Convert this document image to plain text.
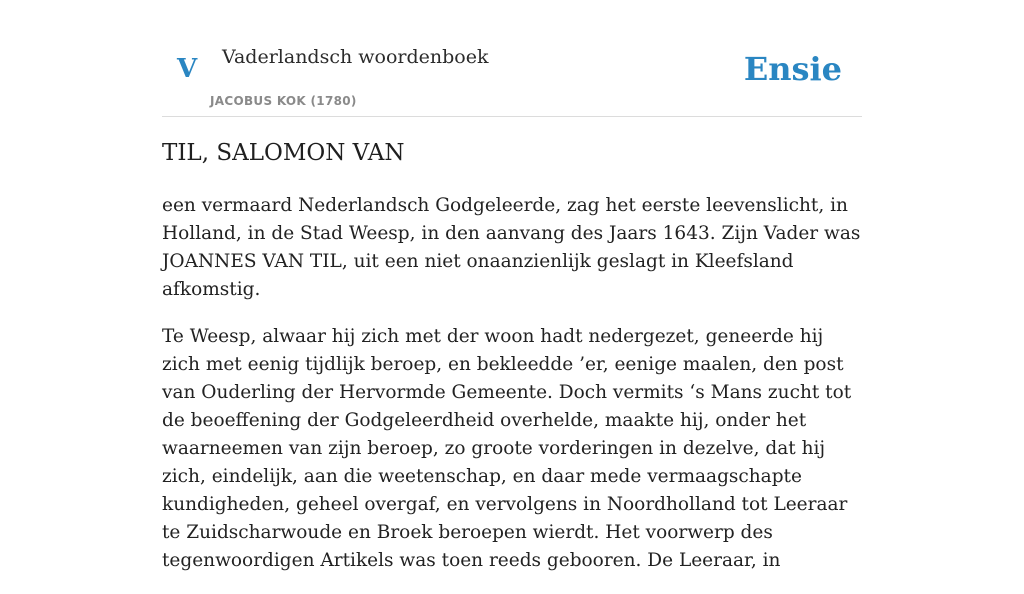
V Vaderlandsch woordenboek
JACOBUS KOK (1780)
Ensie
TIL, SALOMON VAN

een vermaard Nederlandsch Godgeleerde, zag het eerste leevenslicht, in Holland, in de Stad Weesp, in den aanvang des Jaars 1643. Zijn Vader was JOANNES VAN TIL, uit een niet onaanzienlijk geslagt in Kleefsland afkomstig.

Te Weesp, alwaar hij zich met der woon hadt nedergezet, geneerde hij zich met eenig tijdlijk beroep, en bekleedde ’er, eenige maalen, den post van Ouderling der Hervormde Gemeente. Doch vermits ‘s Mans zucht tot de beoeffening der Godgeleerdheid overhelde, maakte hij, onder het waarneemen van zijn beroep, zo groote vorderingen in dezelve, dat hij zich, eindelijk, aan die weetenschap, en daar mede vermaagschapte kundigheden, geheel overgaf, en vervolgens in Noordholland tot Leeraar te Zuidscharwoude en Broek beroepen wierdt. Het voorwerp des tegenwoordigen Artikels was toen reeds gebooren. De Leeraar, in
